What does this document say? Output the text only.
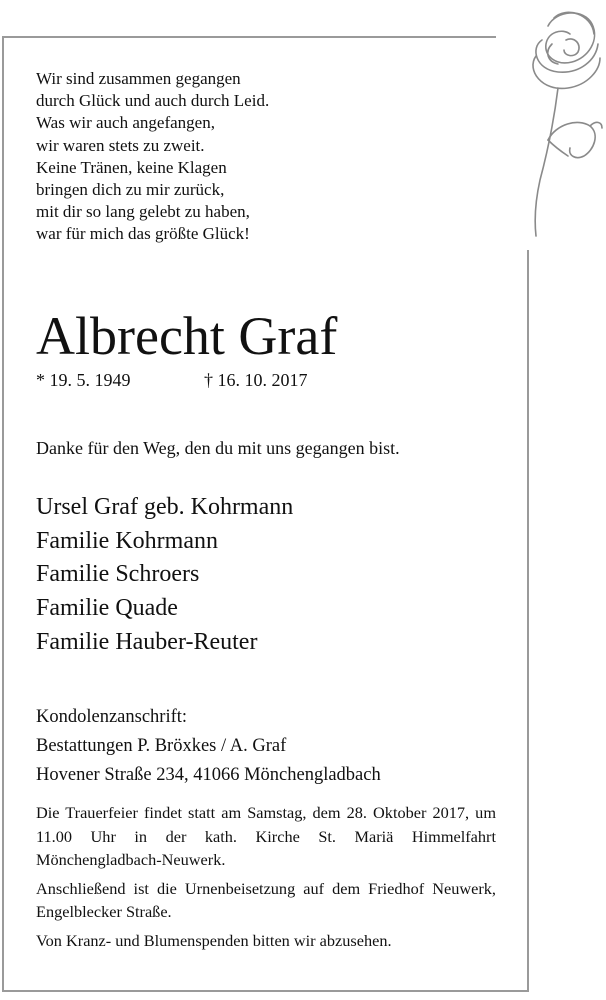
Wir sind zusammen gegangen
durch Glück und auch durch Leid.
Was wir auch angefangen,
wir waren stets zu zweit.
Keine Tränen, keine Klagen
bringen dich zu mir zurück,
mit dir so lang gelebt zu haben,
war für mich das größte Glück!
Albrecht Graf
* 19. 5. 1949	† 16. 10. 2017
Danke für den Weg, den du mit uns gegangen bist.
Ursel Graf geb. Kohrmann
Familie Kohrmann
Familie Schroers
Familie Quade
Familie Hauber-Reuter
Kondolenzanschrift:
Bestattungen P. Bröxkes / A. Graf
Hovener Straße 234, 41066 Mönchengladbach

Die Trauerfeier findet statt am Samstag, dem 28. Oktober 2017, um 11.00 Uhr in der kath. Kirche St. Mariä Himmelfahrt Mönchengladbach-Neuwerk.

Anschließend ist die Urnenbeisetzung auf dem Friedhof Neuwerk, Engelblecker Straße.

Von Kranz- und Blumenspenden bitten wir abzusehen.
